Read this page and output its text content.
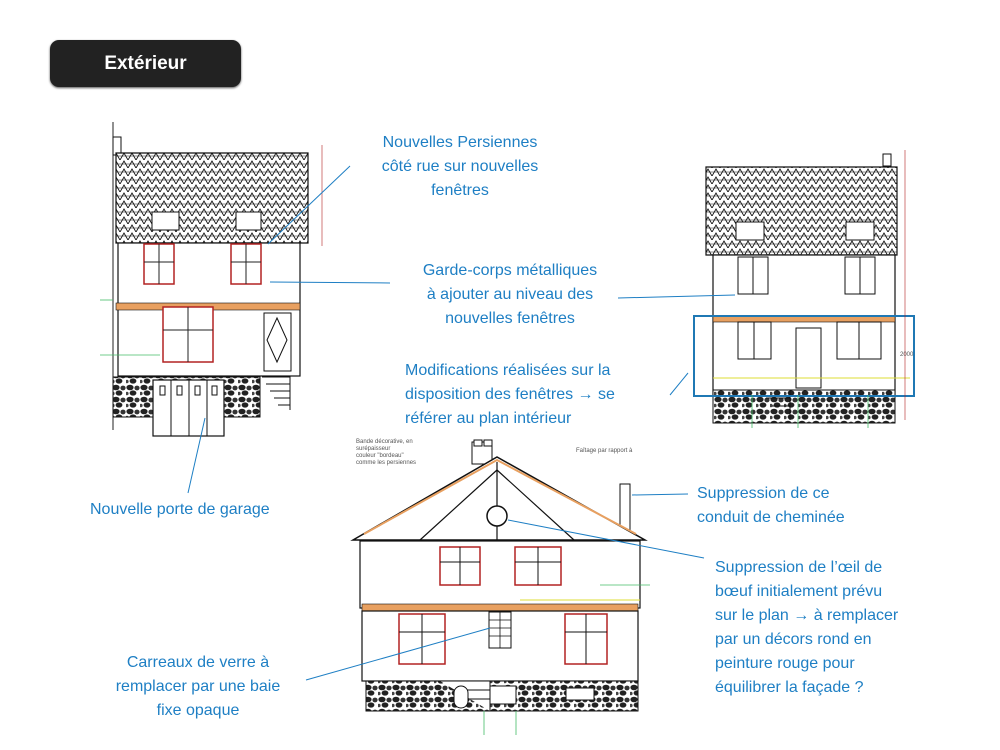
Extérieur
Bande décorative, en
surépaisseur
couleur "bordeau"
comme les persiennes
Faîtage par rapport à
2000
Nouvelles Persiennes
côté rue sur nouvelles
fenêtres
Garde-corps métalliques
à ajouter au niveau des
nouvelles fenêtres
Modifications réalisées sur la
disposition des fenêtres → se
référer au plan intérieur
Nouvelle porte de garage
Suppression de ce
conduit de cheminée
Suppression de l’œil de
bœuf initialement prévu
sur le plan → à remplacer
par un décors rond en
peinture rouge pour
équilibrer la façade ?
Carreaux de verre à
remplacer par une baie
fixe opaque
